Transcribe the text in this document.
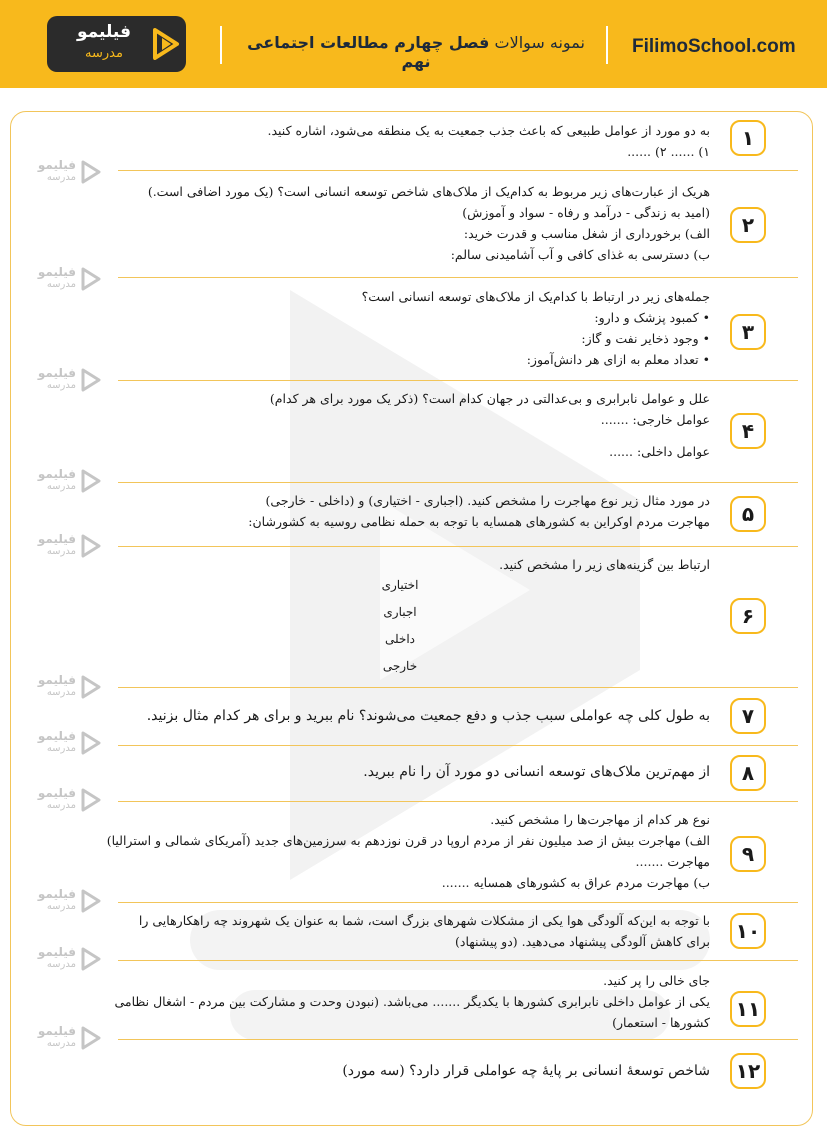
فیلیمو
مدرسه
نمونه سوالات فصل چهارم مطالعات اجتماعی نهم
FilimoSchool.com
فیلیمو
مدرسه
فیلیمو
مدرسه
فیلیمو
مدرسه
فیلیمو
مدرسه
فیلیمو
مدرسه
فیلیمو
مدرسه
فیلیمو
مدرسه
فیلیمو
مدرسه
فیلیمو
مدرسه
فیلیمو
مدرسه
فیلیمو
مدرسه
۱
به دو مورد از عوامل طبیعی که باعث جذب جمعیت به یک منطقه می‌شود، اشاره کنید.
۱) ...... ۲) ......
۲
هریک از عبارت‌های زیر مربوط به کدام‌یک از ملاک‌های شاخص توسعه انسانی است؟ (یک مورد اضافی است.)
(امید به زندگی - درآمد و رفاه - سواد و آموزش)
الف) برخورداری از شغل مناسب و قدرت خرید:
ب) دسترسی به غذای کافی و آب آشامیدنی سالم:
۳
جمله‌های زیر در ارتباط با کدام‌یک از ملاک‌های توسعه انسانی است؟
• کمبود پزشک و دارو:
• وجود ذخایر نفت و گاز:
• تعداد معلم به ازای هر دانش‌آموز:
۴
علل و عوامل نابرابری و بی‌عدالتی در جهان کدام است؟ (ذکر یک مورد برای هر کدام)
عوامل خارجی: .......
عوامل داخلی: ......
۵
در مورد مثال زیر نوع مهاجرت را مشخص کنید. (اجباری - اختیاری) و (داخلی - خارجی)
مهاجرت مردم اوکراین به کشورهای همسایه با توجه به حمله نظامی روسیه به کشورشان:
۶
ارتباط بین گزینه‌های زیر را مشخص کنید.
اختیاری
اجباری
داخلی
خارجی
۷
به طول کلی چه عواملی سبب جذب و دفع جمعیت می‌شوند؟ نام ببرید و برای هر کدام مثال بزنید.
۸
از مهم‌ترین ملاک‌های توسعه انسانی دو مورد آن را نام ببرید.
۹
نوع هر کدام از مهاجرت‌ها را مشخص کنید.
الف) مهاجرت بیش از صد میلیون نفر از مردم اروپا در قرن نوزدهم به سرزمین‌های جدید (آمریکای شمالی و استرالیا)
مهاجرت .......
ب) مهاجرت مردم عراق به کشورهای همسایه .......
۱۰
با توجه به این‌که آلودگی هوا یکی از مشکلات شهرهای بزرگ است، شما به عنوان یک شهروند چه راهکارهایی را
برای کاهش آلودگی پیشنهاد می‌دهید. (دو پیشنهاد)
۱۱
جای خالی را پر کنید.
یکی از عوامل داخلی نابرابری کشورها با یکدیگر ....... می‌باشد. (نبودن وحدت و مشارکت بین مردم - اشغال نظامی
کشورها - استعمار)
۱۲
شاخص توسعهٔ انسانی بر پایهٔ چه عواملی قرار دارد؟ (سه مورد)
